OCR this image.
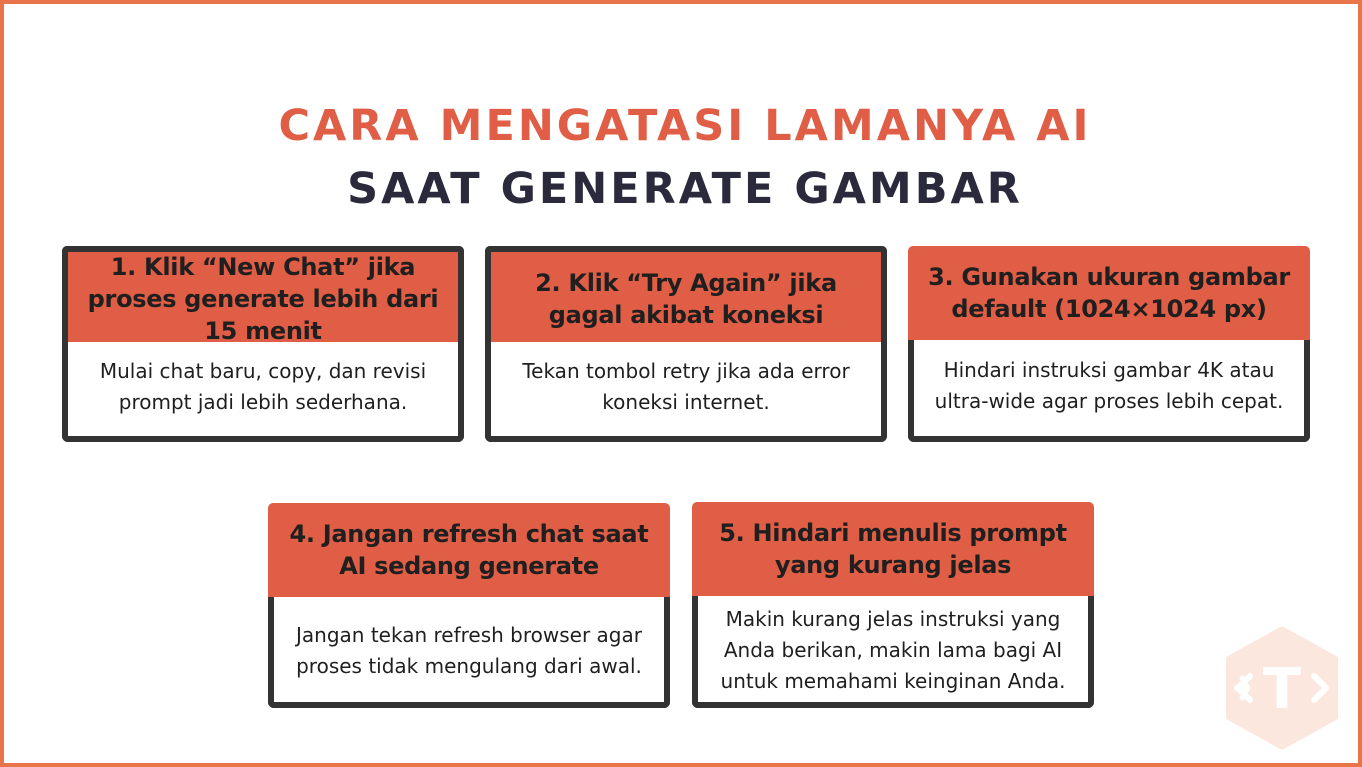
CARA MENGATASI LAMANYA AI
SAAT GENERATE GAMBAR
1. Klik “New Chat” jika proses generate lebih dari 15 menit
Mulai chat baru, copy, dan revisi prompt jadi lebih sederhana.
2. Klik “Try Again” jika gagal akibat koneksi
Tekan tombol retry jika ada error koneksi internet.
3. Gunakan ukuran gambar default (1024×1024 px)
Hindari instruksi gambar 4K atau ultra-wide agar proses lebih cepat.
4. Jangan refresh chat saat AI sedang generate
Jangan tekan refresh browser agar proses tidak mengulang dari awal.
5. Hindari menulis prompt yang kurang jelas
Makin kurang jelas instruksi yang Anda berikan, makin lama bagi AI untuk memahami keinginan Anda.	T
